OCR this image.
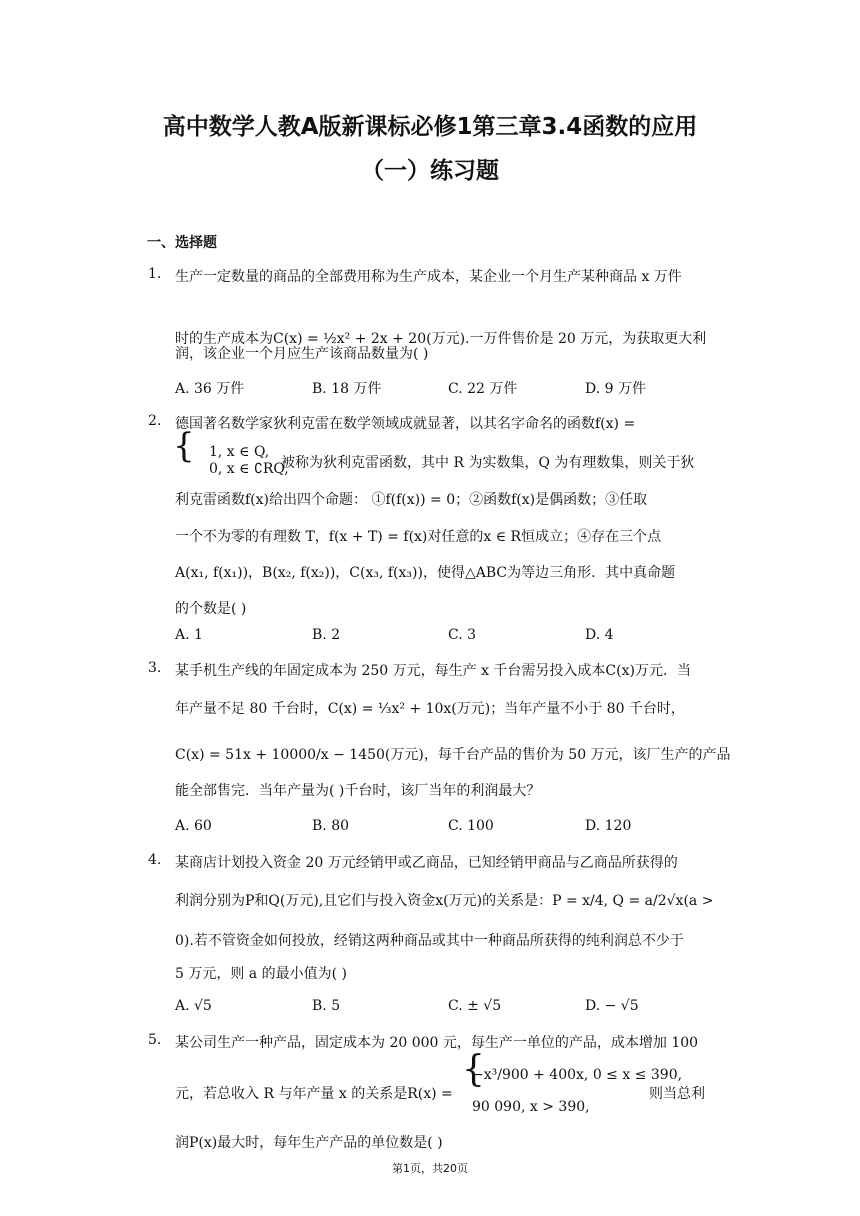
高中数学人教A版新课标必修1第三章3.4函数的应用
（一）练习题
一、选择题
1. 生产一定数量的商品的全部费用称为生产成本，某企业一个月生产某种商品 x 万件
时的生产成本为C(x) = ½x² + 2x + 20(万元).一万件售价是 20 万元，为获取更大利
润，该企业一个月应生产该商品数量为( )
A. 36 万件	B. 18 万件	C. 22 万件	D. 9 万件
2. 德国著名数学家狄利克雷在数学领域成就显著，以其名字命名的函数f(x) =
{ 1, x ∈ Q,
0, x ∈ ∁RQ,
被称为狄利克雷函数，其中 R 为实数集，Q 为有理数集，则关于狄
利克雷函数f(x)给出四个命题： ①f(f(x)) = 0；②函数f(x)是偶函数；③任取
一个不为零的有理数 T，f(x + T) = f(x)对任意的x ∈ R恒成立；④存在三个点
A(x₁, f(x₁))，B(x₂, f(x₂))，C(x₃, f(x₃))，使得△ABC为等边三角形．其中真命题
的个数是( )
A. 1	B. 2	C. 3	D. 4
3. 某手机生产线的年固定成本为 250 万元，每生产 x 千台需另投入成本C(x)万元．当
年产量不足 80 千台时，C(x) = ⅓x² + 10x(万元)；当年产量不小于 80 千台时，
C(x) = 51x + 10000/x − 1450(万元)，每千台产品的售价为 50 万元，该厂生产的产品
能全部售完．当年产量为( )千台时，该厂当年的利润最大？
A. 60	B. 80	C. 100	D. 120
4. 某商店计划投入资金 20 万元经销甲或乙商品，已知经销甲商品与乙商品所获得的
利润分别为P和Q(万元),且它们与投入资金x(万元)的关系是：P = x/4, Q = a/2√x(a >
0).若不管资金如何投放，经销这两种商品或其中一种商品所获得的纯利润总不少于
5 万元，则 a 的最小值为( )
A. √5	B. 5	C. ± √5	D. − √5
5. 某公司生产一种产品，固定成本为 20 000 元，每生产一单位的产品，成本增加 100
元，若总收入 R 与年产量 x 的关系是R(x) =
{
−x³/900 + 400x, 0 ≤ x ≤ 390,
90 090, x > 390,
则当总利
润P(x)最大时，每年生产产品的单位数是( )
第1页，共20页
